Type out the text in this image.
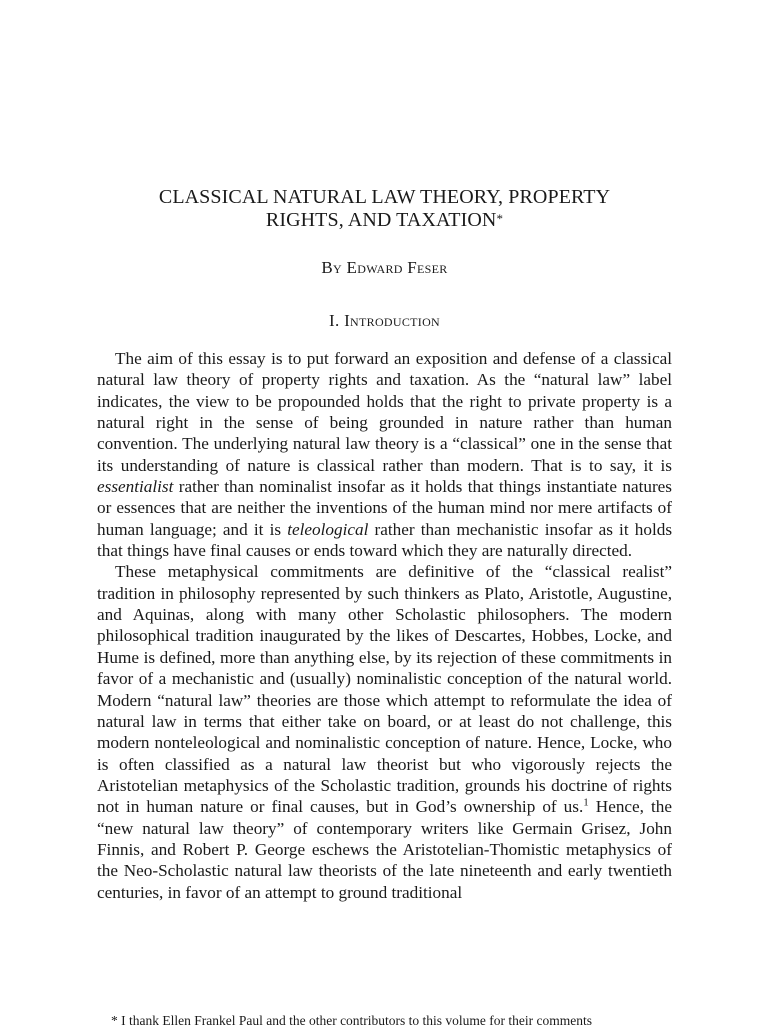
CLASSICAL NATURAL LAW THEORY, PROPERTY
RIGHTS, AND TAXATION*
By Edward Feser
I. Introduction

The aim of this essay is to put forward an exposition and defense of a classical natural law theory of property rights and taxation. As the “natural law” label indicates, the view to be propounded holds that the right to private property is a natural right in the sense of being grounded in nature rather than human convention. The underlying natural law theory is a “classical” one in the sense that its understanding of nature is classical rather than modern. That is to say, it is essentialist rather than nominalist insofar as it holds that things instantiate natures or essences that are neither the inventions of the human mind nor mere artifacts of human language; and it is teleological rather than mechanistic insofar as it holds that things have final causes or ends toward which they are naturally directed.

These metaphysical commitments are definitive of the “classical realist” tradition in philosophy represented by such thinkers as Plato, Aristotle, Augustine, and Aquinas, along with many other Scholastic philosophers. The modern philosophical tradition inaugurated by the likes of Descartes, Hobbes, Locke, and Hume is defined, more than anything else, by its rejection of these commitments in favor of a mechanistic and (usually) nominalistic conception of the natural world. Modern “natural law” theories are those which attempt to reformulate the idea of natural law in terms that either take on board, or at least do not challenge, this modern nonteleological and nominalistic conception of nature. Hence, Locke, who is often classified as a natural law theorist but who vigorously rejects the Aristotelian metaphysics of the Scholastic tradition, grounds his doctrine of rights not in human nature or final causes, but in God’s ownership of us.$^1$ Hence, the “new natural law theory” of contemporary writers like Germain Grisez, John Finnis, and Robert P. George eschews the Aristotelian-Thomistic metaphysics of the Neo-Scholastic natural law theorists of the late nineteenth and early twentieth centuries, in favor of an attempt to ground traditional

* I thank Ellen Frankel Paul and the other contributors to this volume for their comments
